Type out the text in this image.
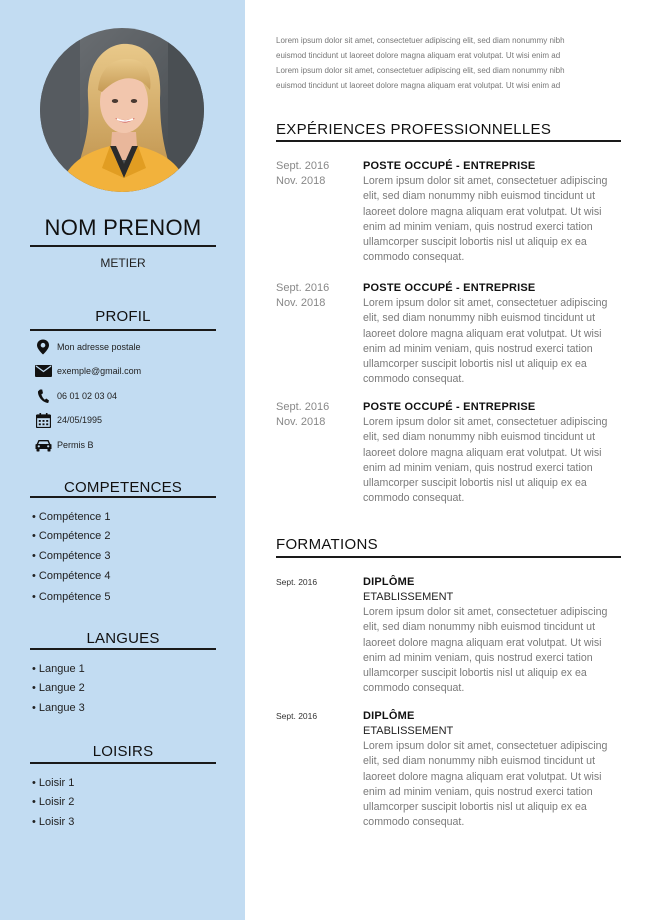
NOM PRENOM
METIER
PROFIL
Mon adresse postale
exemple@gmail.com
06 01 02 03 04
24/05/1995
Permis B
COMPETENCES
• Compétence 1
• Compétence 2
• Compétence 3
• Compétence 4
• Compétence 5
LANGUES
• Langue 1
• Langue 2
• Langue 3
LOISIRS
• Loisir 1
• Loisir 2
• Loisir 3

Lorem ipsum dolor sit amet, consectetuer adipiscing elit, sed diam nonummy nibh

euismod tincidunt ut laoreet dolore magna aliquam erat volutpat. Ut wisi enim ad

Lorem ipsum dolor sit amet, consectetuer adipiscing elit, sed diam nonummy nibh

euismod tincidunt ut laoreet dolore magna aliquam erat volutpat. Ut wisi enim ad

EXPÉRIENCES PROFESSIONNELLES
Sept. 2016
Nov. 2018
POSTE OCCUPÉ - ENTREPRISE
Lorem ipsum dolor sit amet, consectetuer adipiscing
elit, sed diam nonummy nibh euismod tincidunt ut
laoreet dolore magna aliquam erat volutpat. Ut wisi
enim ad minim veniam, quis nostrud exerci tation
ullamcorper suscipit lobortis nisl ut aliquip ex ea
commodo consequat.
Sept. 2016
Nov. 2018
POSTE OCCUPÉ - ENTREPRISE
Lorem ipsum dolor sit amet, consectetuer adipiscing
elit, sed diam nonummy nibh euismod tincidunt ut
laoreet dolore magna aliquam erat volutpat. Ut wisi
enim ad minim veniam, quis nostrud exerci tation
ullamcorper suscipit lobortis nisl ut aliquip ex ea
commodo consequat.
Sept. 2016
Nov. 2018
POSTE OCCUPÉ - ENTREPRISE
Lorem ipsum dolor sit amet, consectetuer adipiscing
elit, sed diam nonummy nibh euismod tincidunt ut
laoreet dolore magna aliquam erat volutpat. Ut wisi
enim ad minim veniam, quis nostrud exerci tation
ullamcorper suscipit lobortis nisl ut aliquip ex ea
commodo consequat.
FORMATIONS
Sept. 2016	DIPLÔME
ETABLISSEMENT
Lorem ipsum dolor sit amet, consectetuer adipiscing
elit, sed diam nonummy nibh euismod tincidunt ut
laoreet dolore magna aliquam erat volutpat. Ut wisi
enim ad minim veniam, quis nostrud exerci tation
ullamcorper suscipit lobortis nisl ut aliquip ex ea
commodo consequat.
Sept. 2016	DIPLÔME
ETABLISSEMENT
Lorem ipsum dolor sit amet, consectetuer adipiscing
elit, sed diam nonummy nibh euismod tincidunt ut
laoreet dolore magna aliquam erat volutpat. Ut wisi
enim ad minim veniam, quis nostrud exerci tation
ullamcorper suscipit lobortis nisl ut aliquip ex ea
commodo consequat.
